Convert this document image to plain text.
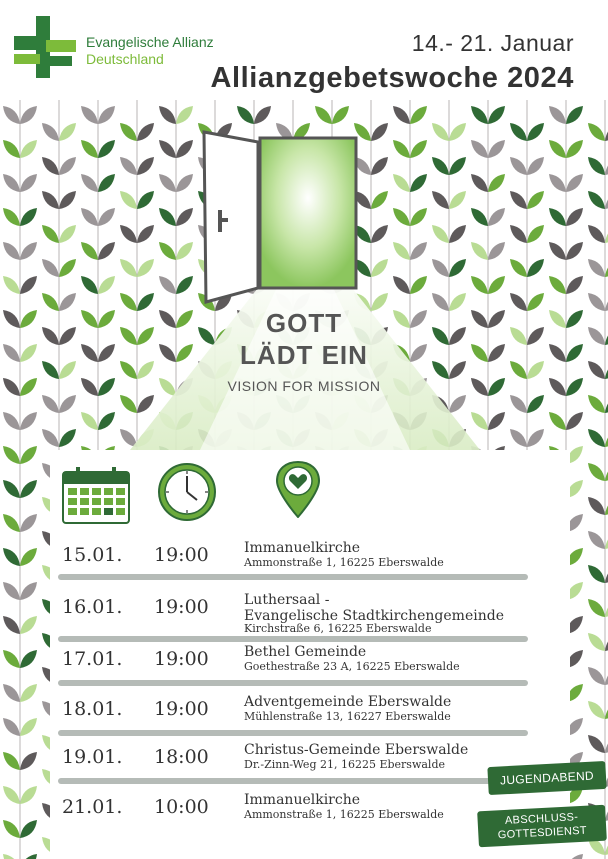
Evangelische Allianz
Deutschland
14.- 21. Januar
Allianzgebetswoche 2024
GOTT
LÄDT EIN
VISION FOR MISSION
15.01. 19:00	Immanuelkirche
Ammonstraße 1, 16225 Eberswalde
16.01. 19:00	Luthersaal -
Evangelische Stadtkirchengemeinde
Kirchstraße 6, 16225 Eberswalde
17.01. 19:00	Bethel Gemeinde
Goethestraße 23 A, 16225 Eberswalde
18.01. 19:00	Adventgemeinde Eberswalde
Mühlenstraße 13, 16227 Eberswalde
19.01. 18:00	Christus-Gemeinde Eberswalde
Dr.-Zinn-Weg 21, 16225 Eberswalde
21.01. 10:00	Immanuelkirche
Ammonstraße 1, 16225 Eberswalde
JUGENDABEND
ABSCHLUSS-
GOTTESDIENST
